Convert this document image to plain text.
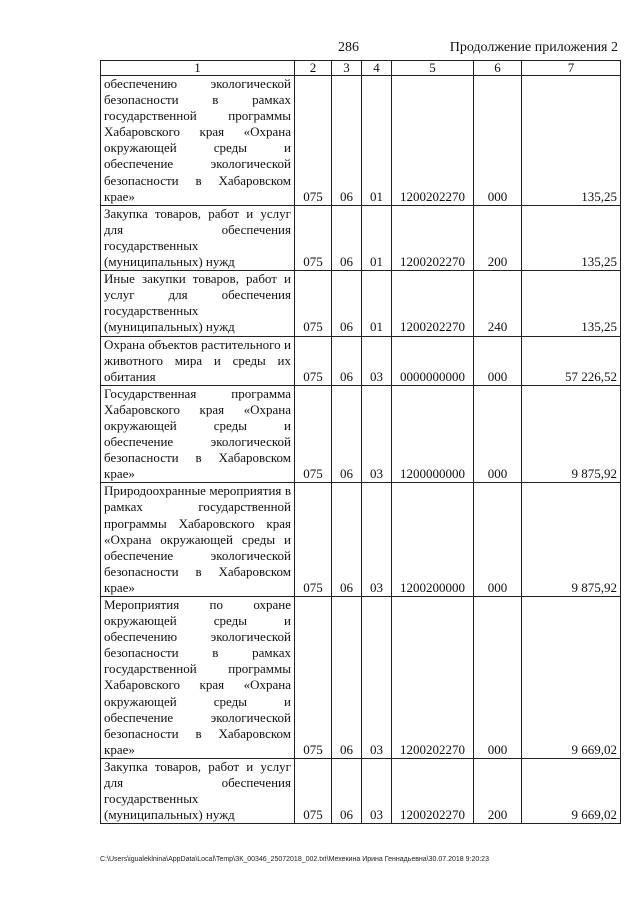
286	Продолжение приложения 2
1	2	3	4	5	6	7
обеспечению экологической безопасности в рамках государственной программы Хабаровского края «Охрана окружающей среды и обеспечение экологической безопасности в Хабаровском крае»	075	06	01	1200202270	000	135,25
Закупка товаров, работ и услуг для обеспечения государственных (муниципальных) нужд	075	06	01	1200202270	200	135,25
Иные закупки товаров, работ и услуг для обеспечения государственных (муниципальных) нужд	075	06	01	1200202270	240	135,25
Охрана объектов растительного и животного мира и среды их обитания	075	06	03	0000000000	000	57 226,52
Государственная программа Хабаровского края «Охрана окружающей среды и обеспечение экологической безопасности в Хабаровском крае»	075	06	03	1200000000	000	9 875,92
Природоохранные мероприятия в рамках государственной программы Хабаровского края «Охрана окружающей среды и обеспечение экологической безопасности в Хабаровском крае»	075	06	03	1200200000	000	9 875,92
Мероприятия по охране окружающей среды и обеспечению экологической безопасности в рамках государственной программы Хабаровского края «Охрана окружающей среды и обеспечение экологической безопасности в Хабаровском крае»	075	06	03	1200202270	000	9 669,02
Закупка товаров, работ и услуг для обеспечения государственных (муниципальных) нужд	075	06	03	1200202270	200	9 669,02
C:\Users\igualeklnina\AppData\Local\Temp\ЗК_00346_25072018_002.txt\Мехекина Ирина Геннадьевна\30.07.2018 9:20:23
